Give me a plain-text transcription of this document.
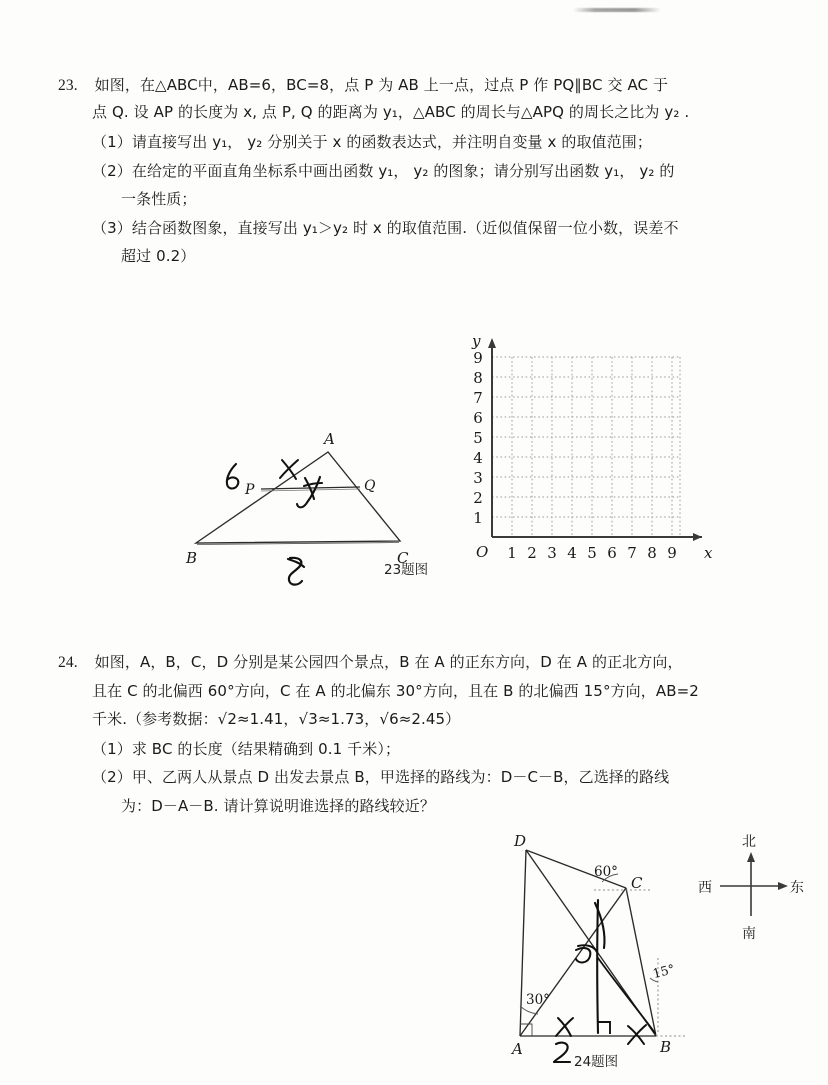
23. 如图，在△ABC中，AB=6，BC=8，点 P 为 AB 上一点，过点 P 作 PQ∥BC 交 AC 于
点 Q. 设 AP 的长度为 x, 点 P, Q 的距离为 y₁，△ABC 的周长与△APQ 的周长之比为 y₂ .
（1）请直接写出 y₁， y₂ 分别关于 x 的函数表达式，并注明自变量 x 的取值范围；
（2）在给定的平面直角坐标系中画出函数 y₁， y₂ 的图象；请分别写出函数 y₁， y₂ 的
一条性质；
（3）结合函数图象，直接写出 y₁＞y₂ 时 x 的取值范围.（近似值保留一位小数，误差不
超过 0.2）
A
B	C
P	Q
23题图
y
x
O
1
2
3
4
5
6
7
8
9
1 2 3 4 5 6 7 8 9
24. 如图，A，B，C，D 分别是某公园四个景点，B 在 A 的正东方向，D 在 A 的正北方向，
且在 C 的北偏西 60°方向，C 在 A 的北偏东 30°方向，且在 B 的北偏西 15°方向，AB=2
千米.（参考数据：√2≈1.41，√3≈1.73，√6≈2.45）
（1）求 BC 的长度（结果精确到 0.1 千米）；
（2）甲、乙两人从景点 D 出发去景点 B，甲选择的路线为：D－C－B，乙选择的路线
为：D－A－B. 请计算说明谁选择的路线较近？
60°
30°
15°
D
C
A	B
北
南
东
西
24题图
